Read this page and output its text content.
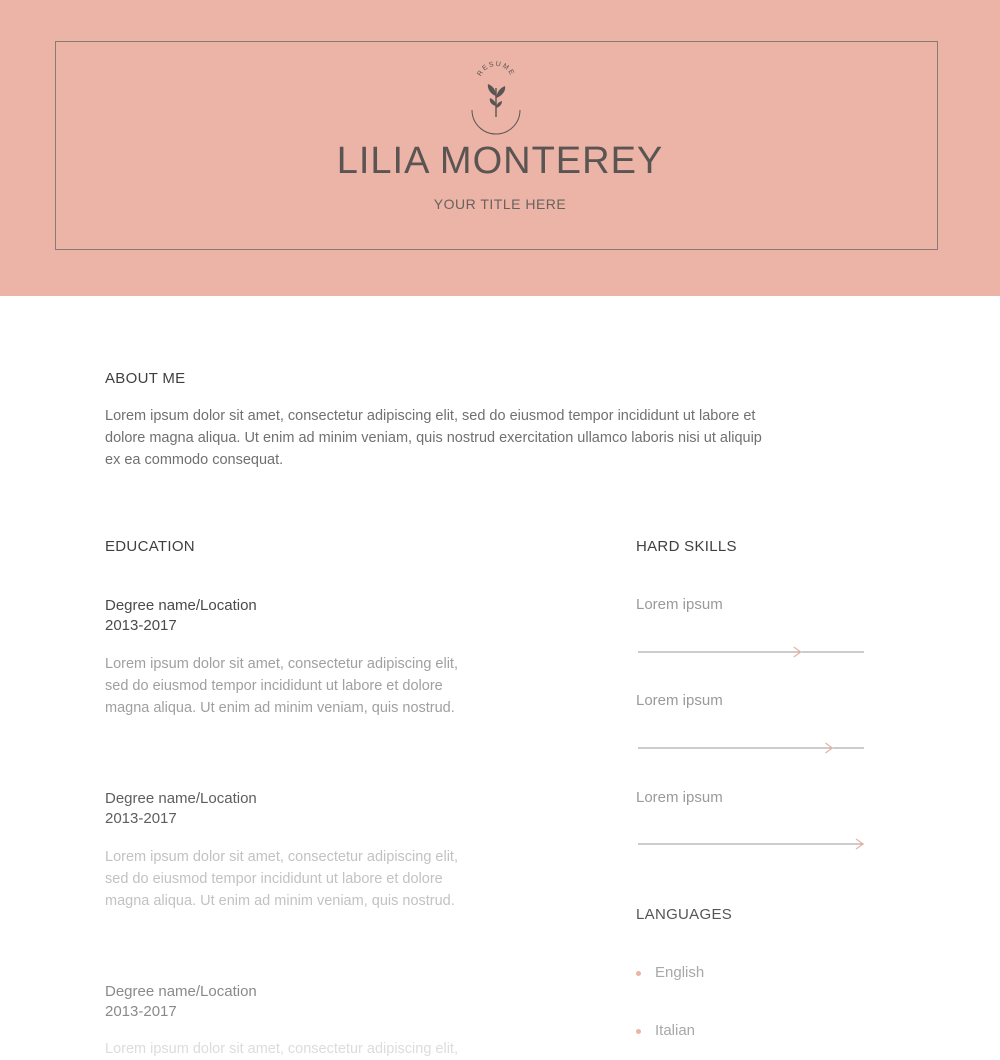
RESUME
LILIA MONTEREY
YOUR TITLE HERE
ABOUT ME
Lorem ipsum dolor sit amet, consectetur adipiscing elit, sed do eiusmod tempor incididunt ut labore et
dolore magna aliqua. Ut enim ad minim veniam, quis nostrud exercitation ullamco laboris nisi ut aliquip
ex ea commodo consequat.
EDUCATION
Degree name/Location
2013-2017
Lorem ipsum dolor sit amet, consectetur adipiscing elit,
sed do eiusmod tempor incididunt ut labore et dolore
magna aliqua. Ut enim ad minim veniam, quis nostrud.
Degree name/Location
2013-2017
Lorem ipsum dolor sit amet, consectetur adipiscing elit,
sed do eiusmod tempor incididunt ut labore et dolore
magna aliqua. Ut enim ad minim veniam, quis nostrud.
Degree name/Location
2013-2017
Lorem ipsum dolor sit amet, consectetur adipiscing elit,
HARD SKILLS
Lorem ipsum
Lorem ipsum
Lorem ipsum
LANGUAGES
English
Italian
